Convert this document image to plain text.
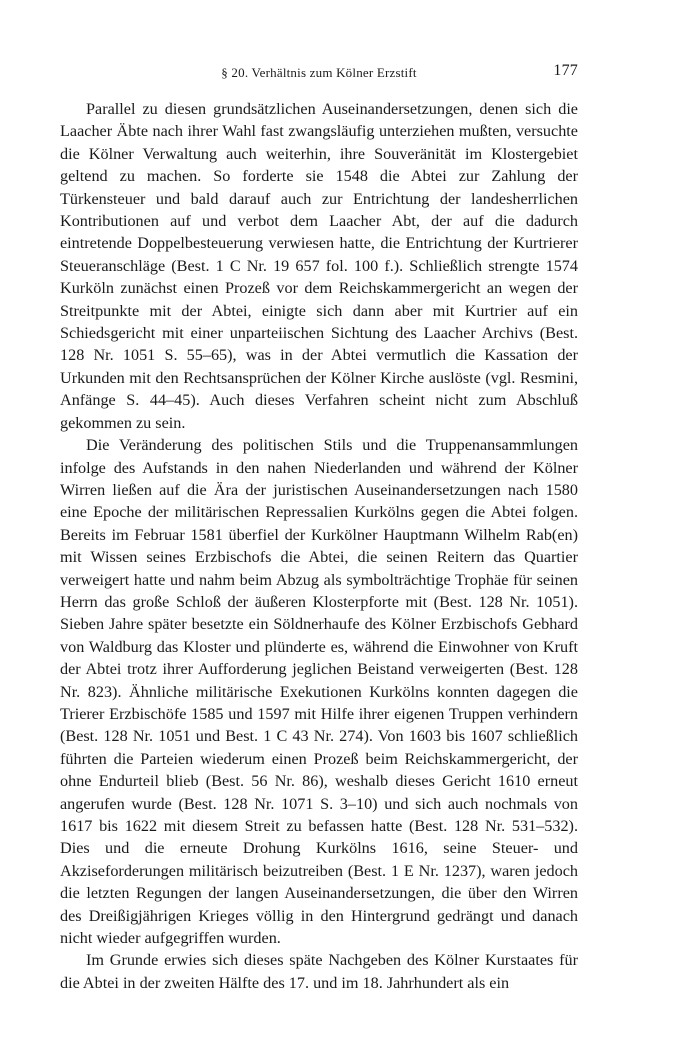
§ 20. Verhältnis zum Kölner Erzstift	177

Parallel zu diesen grundsätzlichen Auseinandersetzungen, denen sich die Laacher Äbte nach ihrer Wahl fast zwangsläufig unterziehen mußten, versuchte die Kölner Verwaltung auch weiterhin, ihre Souveränität im Klostergebiet geltend zu machen. So forderte sie 1548 die Abtei zur Zahlung der Türkensteuer und bald darauf auch zur Entrichtung der landesherrlichen Kontributionen auf und verbot dem Laacher Abt, der auf die dadurch eintretende Doppelbesteuerung verwiesen hatte, die Entrichtung der Kurtrierer Steueranschläge (Best. 1 C Nr. 19 657 fol. 100 f.). Schließlich strengte 1574 Kurköln zunächst einen Prozeß vor dem Reichskammergericht an wegen der Streitpunkte mit der Abtei, einigte sich dann aber mit Kurtrier auf ein Schiedsgericht mit einer unparteiischen Sichtung des Laacher Archivs (Best. 128 Nr. 1051 S. 55–65), was in der Abtei vermutlich die Kassation der Urkunden mit den Rechtsansprüchen der Kölner Kirche auslöste (vgl. Resmini, Anfänge S. 44–45). Auch dieses Verfahren scheint nicht zum Abschluß gekommen zu sein.

Die Veränderung des politischen Stils und die Truppenansammlungen infolge des Aufstands in den nahen Niederlanden und während der Kölner Wirren ließen auf die Ära der juristischen Auseinandersetzungen nach 1580 eine Epoche der militärischen Repressalien Kurkölns gegen die Abtei folgen. Bereits im Februar 1581 überfiel der Kurkölner Hauptmann Wilhelm Rab(en) mit Wissen seines Erzbischofs die Abtei, die seinen Reitern das Quartier verweigert hatte und nahm beim Abzug als symbolträchtige Trophäe für seinen Herrn das große Schloß der äußeren Klosterpforte mit (Best. 128 Nr. 1051). Sieben Jahre später besetzte ein Söldnerhaufe des Kölner Erzbischofs Gebhard von Waldburg das Kloster und plünderte es, während die Einwohner von Kruft der Abtei trotz ihrer Aufforderung jeglichen Beistand verweigerten (Best. 128 Nr. 823). Ähnliche militärische Exekutionen Kurkölns konnten dagegen die Trierer Erzbischöfe 1585 und 1597 mit Hilfe ihrer eigenen Truppen verhindern (Best. 128 Nr. 1051 und Best. 1 C 43 Nr. 274). Von 1603 bis 1607 schließlich führten die Parteien wiederum einen Prozeß beim Reichskammergericht, der ohne Endurteil blieb (Best. 56 Nr. 86), weshalb dieses Gericht 1610 erneut angerufen wurde (Best. 128 Nr. 1071 S. 3–10) und sich auch nochmals von 1617 bis 1622 mit diesem Streit zu befassen hatte (Best. 128 Nr. 531–532). Dies und die erneute Drohung Kurkölns 1616, seine Steuer- und Akziseforderungen militärisch beizutreiben (Best. 1 E Nr. 1237), waren jedoch die letzten Regungen der langen Auseinandersetzungen, die über den Wirren des Dreißigjährigen Krieges völlig in den Hintergrund gedrängt und danach nicht wieder aufgegriffen wurden.

Im Grunde erwies sich dieses späte Nachgeben des Kölner Kurstaates für die Abtei in der zweiten Hälfte des 17. und im 18. Jahrhundert als ein
